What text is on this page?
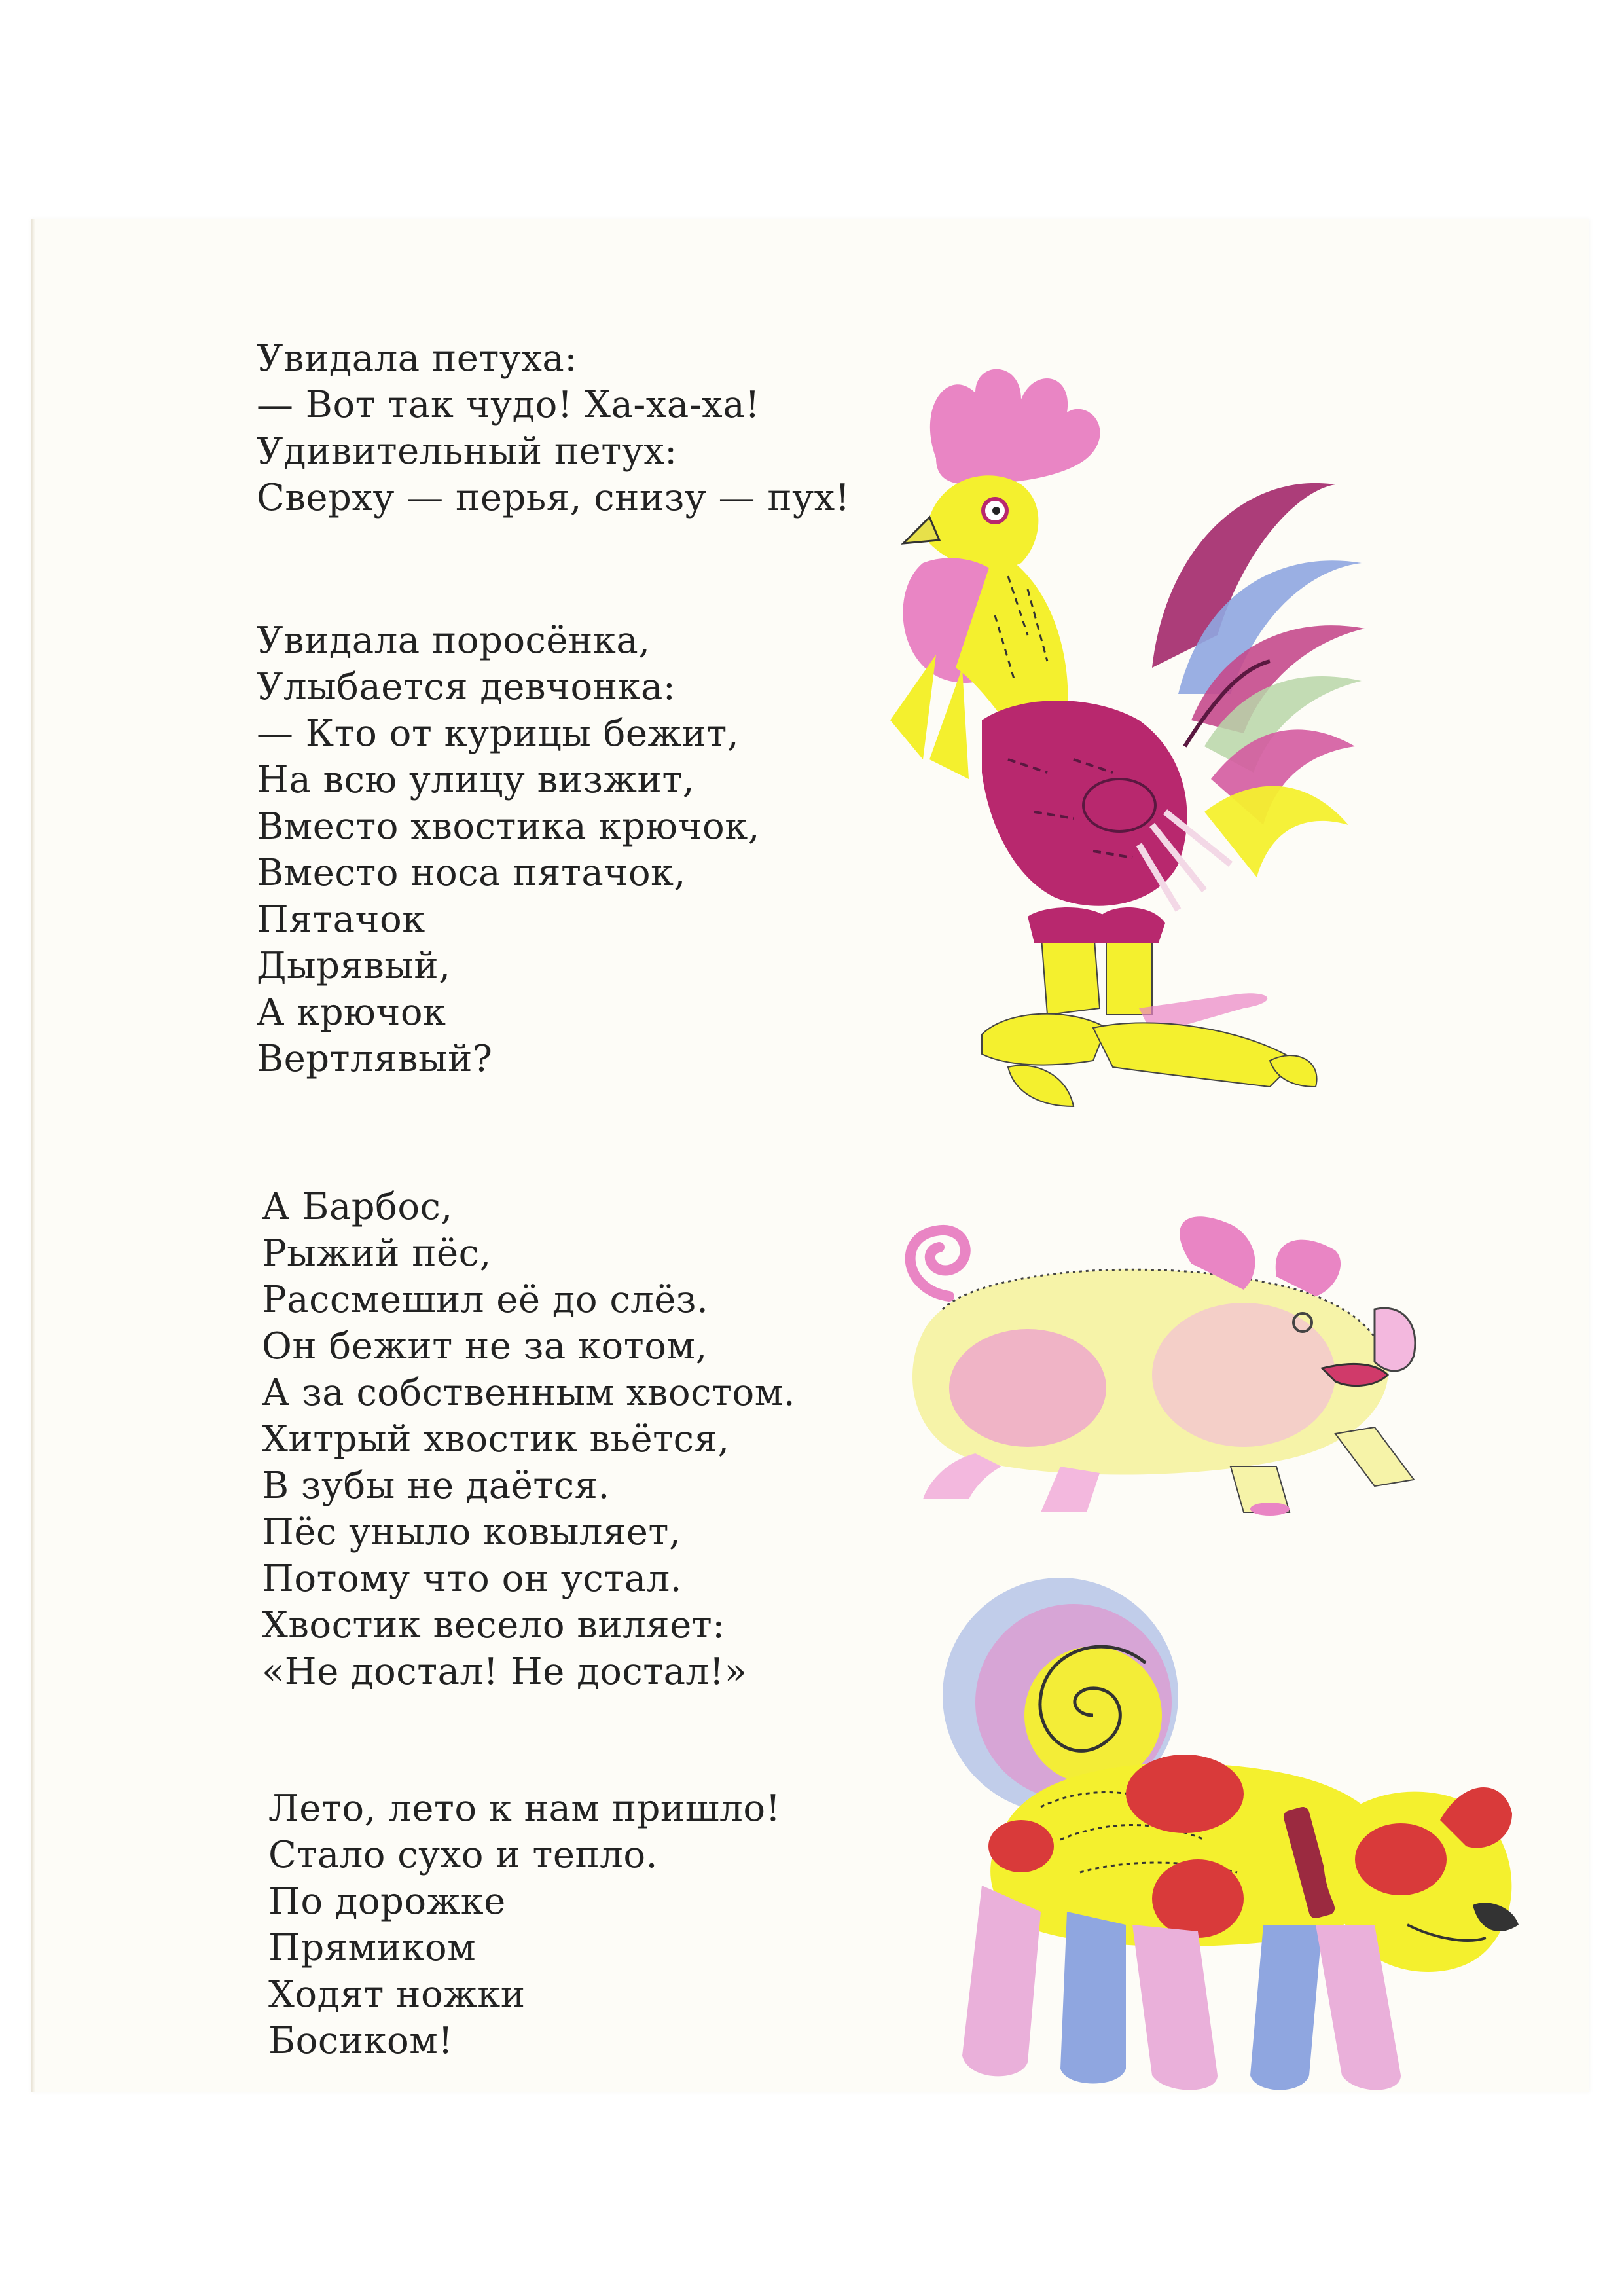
Увидала петуха:
— Вот так чудо! Ха-ха-ха!
Удивительный петух:
Сверху — перья, снизу — пух!

Увидала поросёнка,
Улыбается девчонка:
— Кто от курицы бежит,
На всю улицу визжит,
Вместо хвостика крючок,
Вместо носа пятачок,
Пятачок
Дырявый,
А крючок
Вертлявый?

А Барбос,
Рыжий пёс,
Рассмешил её до слёз.
Он бежит не за котом,
А за собственным хвостом.
Хитрый хвостик вьётся,
В зубы не даётся.
Пёс уныло ковыляет,
Потому что он устал.
Хвостик весело виляет:
«Не достал! Не достал!»

Лето, лето к нам пришло!
Стало сухо и тепло.
По дорожке
Прямиком
Ходят ножки
Босиком!
